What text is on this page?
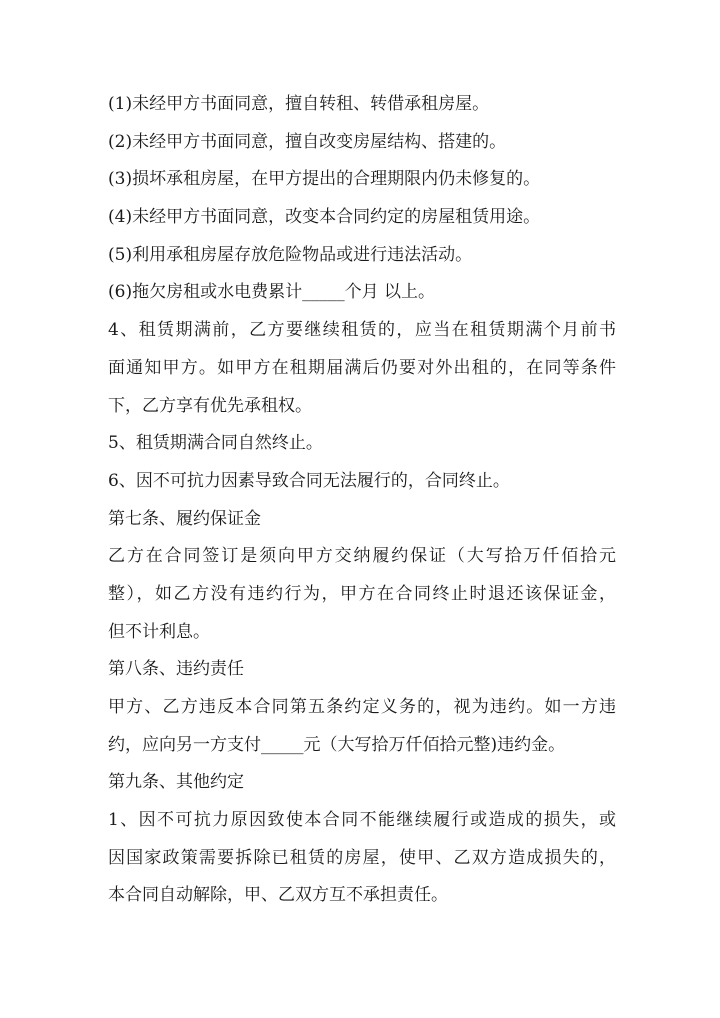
(1)未经甲方书面同意，擅自转租、转借承租房屋。
(2)未经甲方书面同意，擅自改变房屋结构、搭建的。
(3)损坏承租房屋，在甲方提出的合理期限内仍未修复的。
(4)未经甲方书面同意，改变本合同约定的房屋租赁用途。
(5)利用承租房屋存放危险物品或进行违法活动。
(6)拖欠房租或水电费累计_____个月 以上。
4、租赁期满前，乙方要继续租赁的，应当在租赁期满个月前书
面通知甲方。如甲方在租期届满后仍要对外出租的，在同等条件
下，乙方享有优先承租权。
5、租赁期满合同自然终止。
6、因不可抗力因素导致合同无法履行的，合同终止。
第七条、履约保证金
乙方在合同签订是须向甲方交纳履约保证（大写拾万仟佰拾元
整），如乙方没有违约行为，甲方在合同终止时退还该保证金，
但不计利息。
第八条、违约责任
甲方、乙方违反本合同第五条约定义务的，视为违约。如一方违
约，应向另一方支付_____元（大写拾万仟佰拾元整)违约金。
第九条、其他约定
1、因不可抗力原因致使本合同不能继续履行或造成的损失，或
因国家政策需要拆除已租赁的房屋，使甲、乙双方造成损失的，
本合同自动解除，甲、乙双方互不承担责任。
